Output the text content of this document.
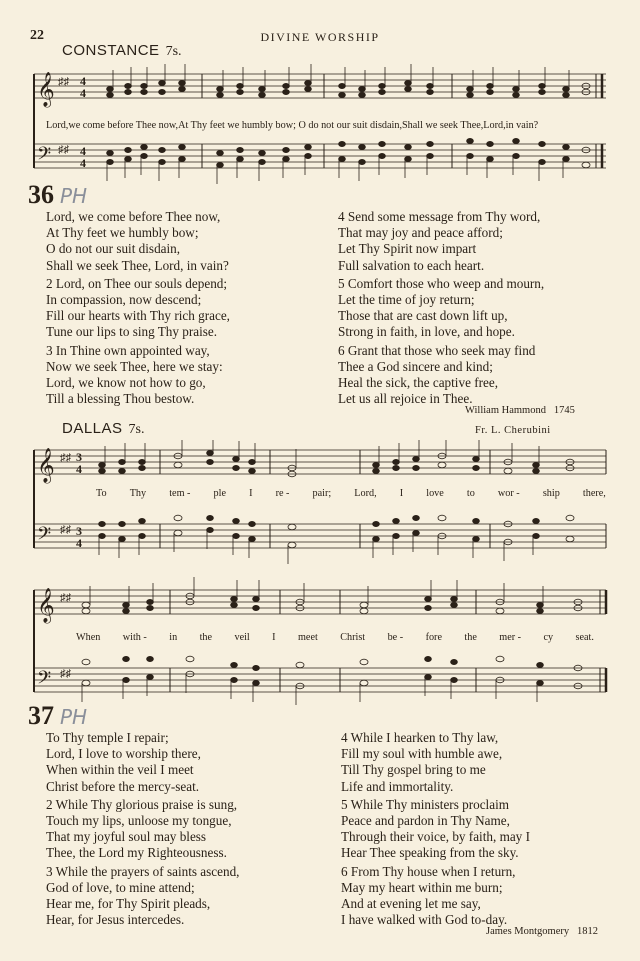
22	DIVINE WORSHIP
CONSTANCE 7s.
𝄞
𝄢
♯♯
♯♯
4
4
4
4
Lord,we come before Thee now,At Thy feet we humbly bow; O do not our suit disdain,Shall we seek Thee,Lord,in vain?
36 PH

Lord, we come before Thee now,
At Thy feet we humbly bow;
O do not our suit disdain,
Shall we seek Thee, Lord, in vain?

2 Lord, on Thee our souls depend;
In compassion, now descend;
Fill our hearts with Thy rich grace,
Tune our lips to sing Thy praise.

3 In Thine own appointed way,
Now we seek Thee, here we stay:
Lord, we know not how to go,
Till a blessing Thou bestow.

4 Send some message from Thy word,
That may joy and peace afford;
Let Thy Spirit now impart
Full salvation to each heart.

5 Comfort those who weep and mourn,
Let the time of joy return;
Those that are cast down lift up,
Strong in faith, in love, and hope.

6 Grant that those who seek may find
Thee a God sincere and kind;
Heal the sick, the captive free,
Let us all rejoice in Thee.

William Hammond 1745
DALLAS 7s.	Fr. L. Cherubini
𝄞
𝄢
𝄞
𝄢
♯♯
♯♯
♯♯
♯♯
3
4
3
4
To Thy tem - ple I re - pair; Lord, I love to wor - ship there,
When with - in the veil I meet Christ be - fore the mer - cy seat.
37 PH

To Thy temple I repair;
Lord, I love to worship there,
When within the veil I meet
Christ before the mercy-seat.

2 While Thy glorious praise is sung,
Touch my lips, unloose my tongue,
That my joyful soul may bless
Thee, the Lord my Righteousness.

3 While the prayers of saints ascend,
God of love, to mine attend;
Hear me, for Thy Spirit pleads,
Hear, for Jesus intercedes.

4 While I hearken to Thy law,
Fill my soul with humble awe,
Till Thy gospel bring to me
Life and immortality.

5 While Thy ministers proclaim
Peace and pardon in Thy Name,
Through their voice, by faith, may I
Hear Thee speaking from the sky.

6 From Thy house when I return,
May my heart within me burn;
And at evening let me say,
I have walked with God to-day.

James Montgomery 1812
